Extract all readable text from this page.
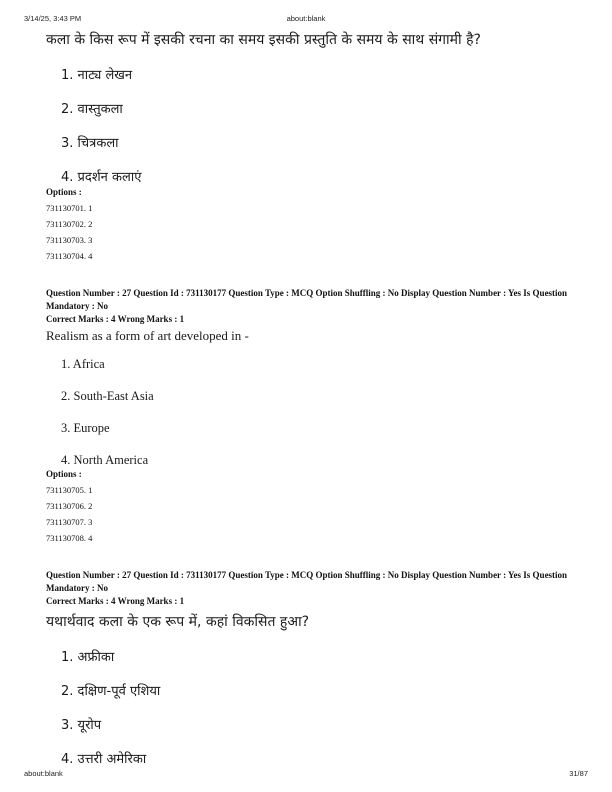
3/14/25, 3:43 PM	about:blank
कला के किस रूप में इसकी रचना का समय इसकी प्रस्तुति के समय के साथ संगामी है?
1. नाट्य लेखन
2. वास्तुकला
3. चित्रकला
4. प्रदर्शन कलाएं
Options :
731130701. 1
731130702. 2
731130703. 3
731130704. 4
Question Number : 27 Question Id : 731130177 Question Type : MCQ Option Shuffling : No Display Question Number : Yes Is Question Mandatory : No
Correct Marks : 4 Wrong Marks : 1
Realism as a form of art developed in -
1. Africa
2. South-East Asia
3. Europe
4. North America
Options :
731130705. 1
731130706. 2
731130707. 3
731130708. 4
Question Number : 27 Question Id : 731130177 Question Type : MCQ Option Shuffling : No Display Question Number : Yes Is Question Mandatory : No
Correct Marks : 4 Wrong Marks : 1
यथार्थवाद कला के एक रूप में, कहां विकसित हुआ?
1. अफ्रीका
2. दक्षिण-पूर्व एशिया
3. यूरोप
4. उत्तरी अमेरिका
about:blank	31/87
